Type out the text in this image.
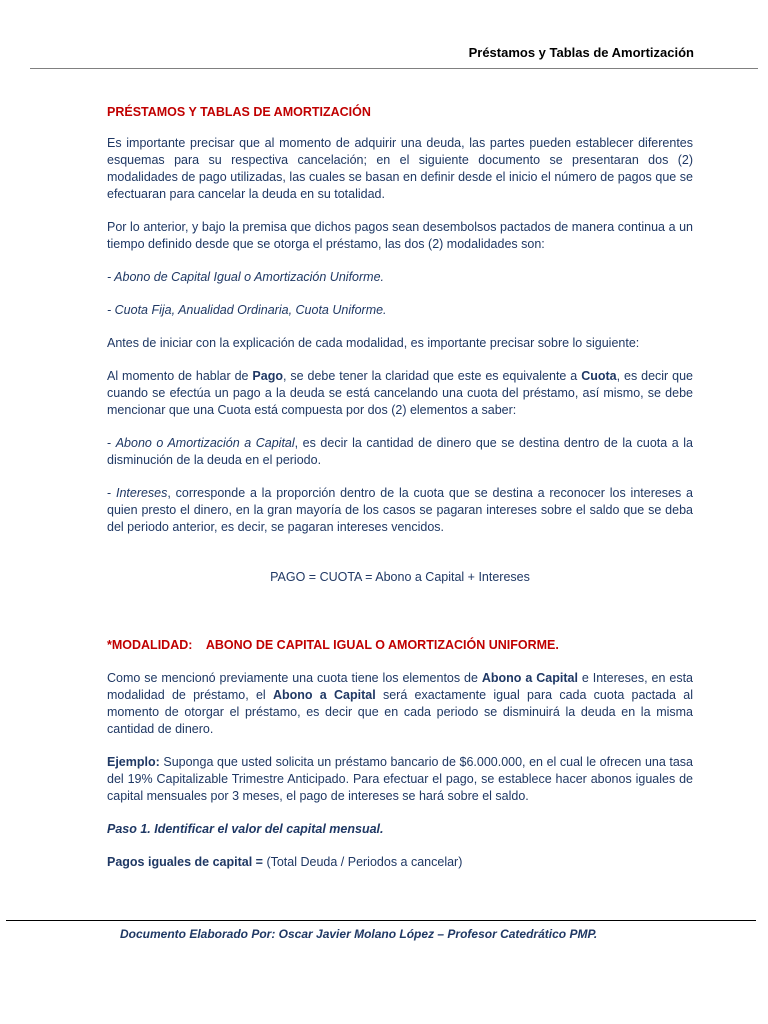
Préstamos y Tablas de Amortización

PRÉSTAMOS Y TABLAS DE AMORTIZACIÓN

Es importante precisar que al momento de adquirir una deuda, las partes pueden establecer diferentes esquemas para su respectiva cancelación; en el siguiente documento se presentaran dos (2) modalidades de pago utilizadas, las cuales se basan en definir desde el inicio el número de pagos que se efectuaran para cancelar la deuda en su totalidad.

Por lo anterior, y bajo la premisa que dichos pagos sean desembolsos pactados de manera continua a un tiempo definido desde que se otorga el préstamo, las dos (2) modalidades son:

- Abono de Capital Igual o Amortización Uniforme.

- Cuota Fija, Anualidad Ordinaria, Cuota Uniforme.

Antes de iniciar con la explicación de cada modalidad, es importante precisar sobre lo siguiente:

Al momento de hablar de Pago, se debe tener la claridad que este es equivalente a Cuota, es decir que cuando se efectúa un pago a la deuda se está cancelando una cuota del préstamo, así mismo, se debe mencionar que una Cuota está compuesta por dos (2) elementos a saber:

- Abono o Amortización a Capital, es decir la cantidad de dinero que se destina dentro de la cuota a la disminución de la deuda en el periodo.

- Intereses, corresponde a la proporción dentro de la cuota que se destina a reconocer los intereses a quien presto el dinero, en la gran mayoría de los casos se pagaran intereses sobre el saldo que se deba del periodo anterior, es decir, se pagaran intereses vencidos.

PAGO = CUOTA = Abono a Capital + Intereses

*MODALIDAD:    ABONO DE CAPITAL IGUAL O AMORTIZACIÓN UNIFORME.

Como se mencionó previamente una cuota tiene los elementos de Abono a Capital e Intereses, en esta modalidad de préstamo, el Abono a Capital será exactamente igual para cada cuota pactada al momento de otorgar el préstamo, es decir que en cada periodo se disminuirá la deuda en la misma cantidad de dinero.

Ejemplo: Suponga que usted solicita un préstamo bancario de $6.000.000, en el cual le ofrecen una tasa del 19% Capitalizable Trimestre Anticipado. Para efectuar el pago, se establece hacer abonos iguales de capital mensuales por 3 meses, el pago de intereses se hará sobre el saldo.

Paso 1. Identificar el valor del capital mensual.

Pagos iguales de capital = (Total Deuda / Periodos a cancelar)

Documento Elaborado Por: Oscar Javier Molano López – Profesor Catedrático PMP.
